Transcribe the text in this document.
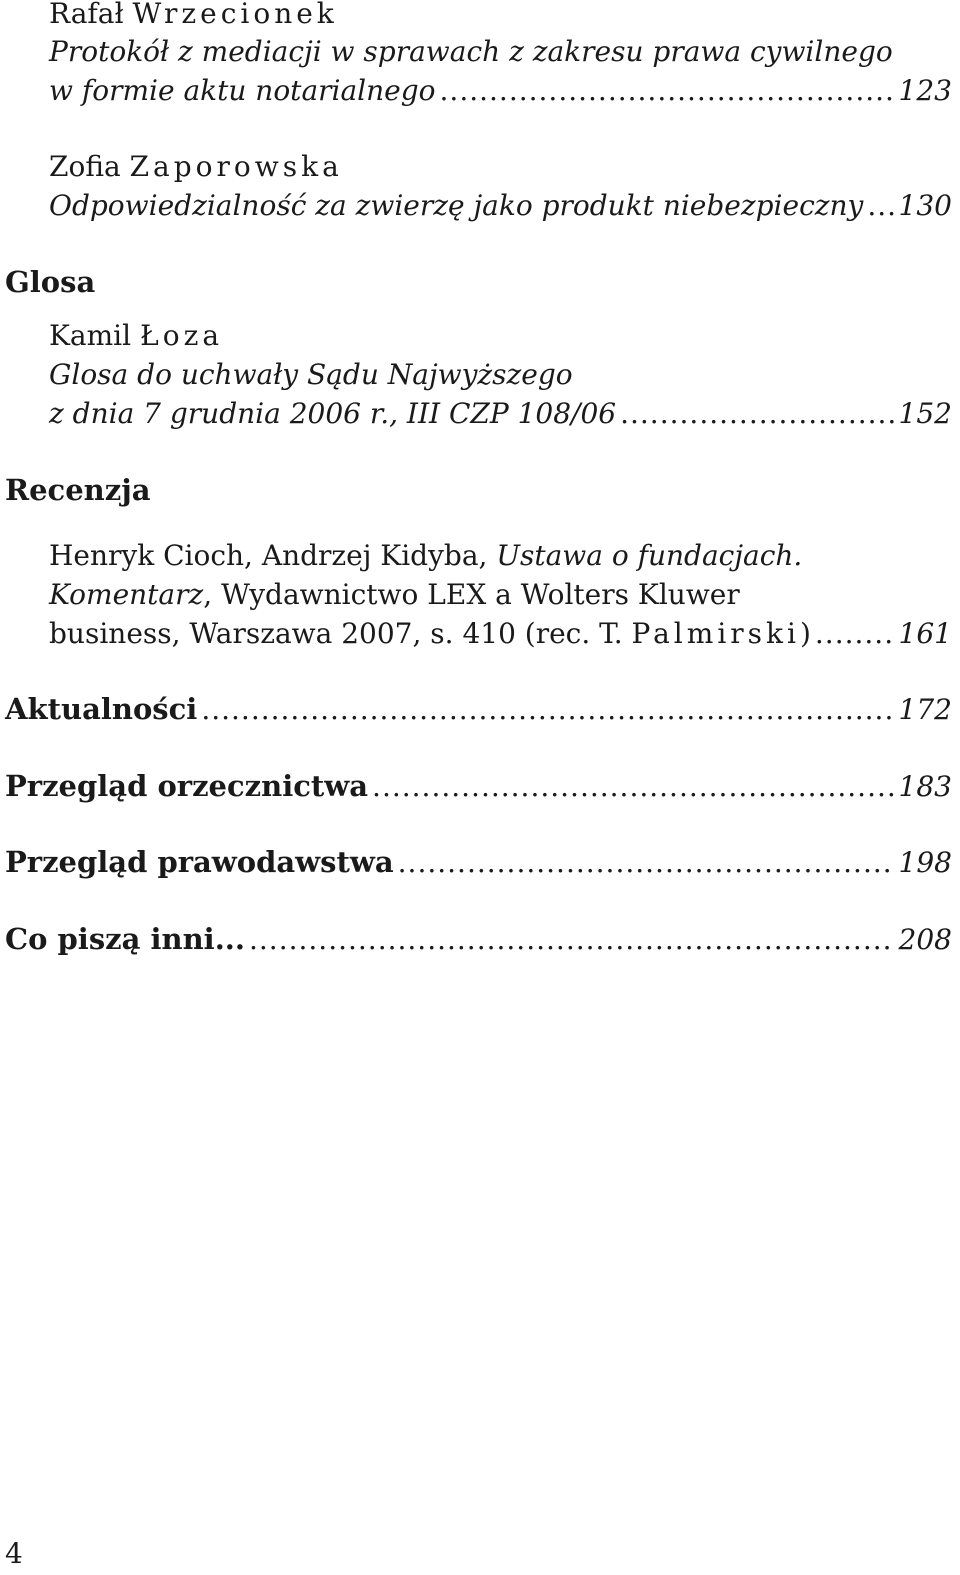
Rafał Wrzecionek
Protokół z mediacji w sprawach z zakresu prawa cywilnego
w formie aktu notarialnego .....	123
Zofia Zaporowska
Odpowiedzialność za zwierzę jako produkt niebezpieczny ..... 130
Glosa
Kamil Łoza
Glosa do uchwały Sądu Najwyższego
z dnia 7 grudnia 2006 r., III CZP 108/06 .....	152
Recenzja
Henryk Cioch, Andrzej Kidyba, Ustawa o fundacjach.
Komentarz, Wydawnictwo LEX a Wolters Kluwer
business, Warszawa 2007, s. 410 (rec. T. Palmirski) .....	161
Aktualności .....	172
Przegląd orzecznictwa .....	183
Przegląd prawodawstwa .....	198
Co piszą inni... .....	208
4
